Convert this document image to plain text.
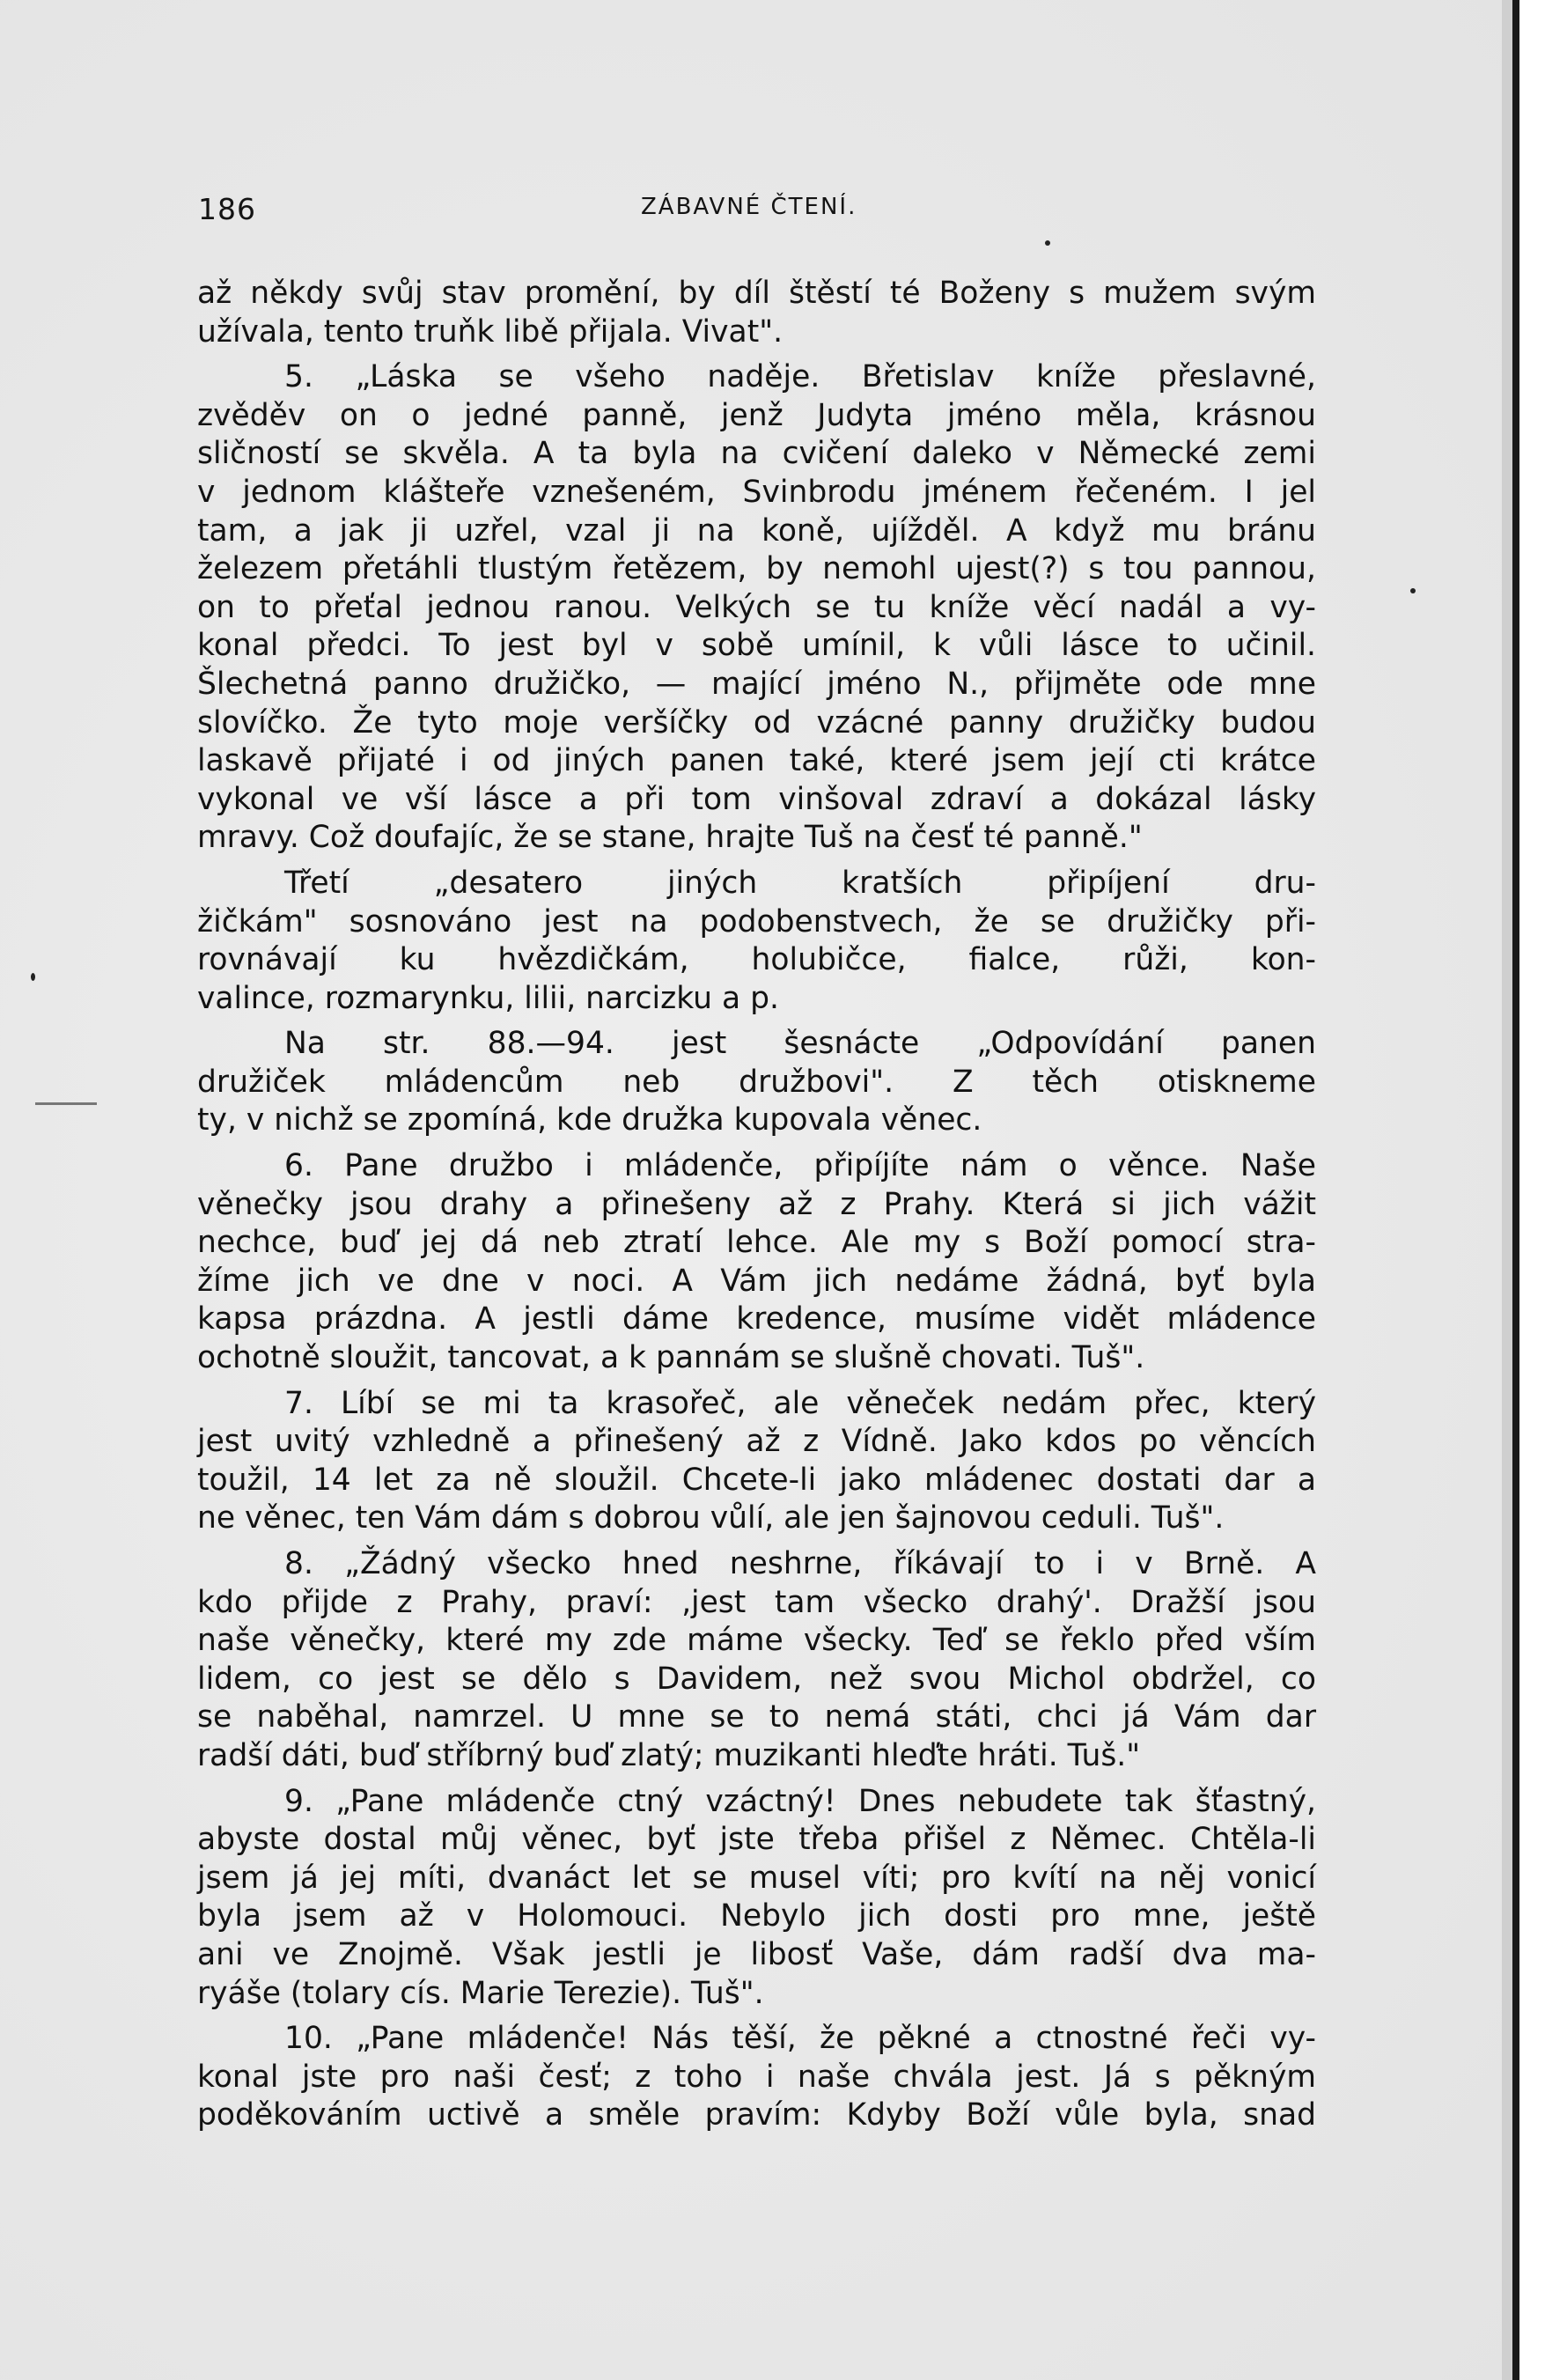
186	ZÁBAVNÉ ČTENÍ.

až někdy svůj stav promění, by díl štěstí té Boženy s mužem svým

užívala, tento truňk libě přijala. Vivat".

5. „Láska se všeho naděje. Břetislav kníže přeslavné,

zvěděv on o jedné panně, jenž Judyta jméno měla, krásnou

sličností se skvěla. A ta byla na cvičení daleko v Německé zemi

v jednom klášteře vznešeném, Svinbrodu jménem řečeném. I jel

tam, a jak ji uzřel, vzal ji na koně, ujížděl. A když mu bránu

železem přetáhli tlustým řetězem, by nemohl ujest(?) s tou pannou,

on to přeťal jednou ranou. Velkých se tu kníže věcí nadál a vy-

konal předci. To jest byl v sobě umínil, k vůli lásce to učinil.

Šlechetná panno družičko, — mající jméno N., přijměte ode mne

slovíčko. Že tyto moje veršíčky od vzácné panny družičky budou

laskavě přijaté i od jiných panen také, které jsem její cti krátce

vykonal ve vší lásce a při tom vinšoval zdraví a dokázal lásky

mravy. Což doufajíc, že se stane, hrajte Tuš na česť té panně."

Třetí „desatero jiných kratších připíjení dru-

žičkám" sosnováno jest na podobenstvech, že se družičky při-

rovnávají ku hvězdičkám, holubičce, fialce, růži, kon-

valince, rozmarynku, lilii, narcizku a p.

Na str. 88.—94. jest šesnácte „Odpovídání panen

družiček mládencům neb družbovi". Z těch otiskneme

ty, v nichž se zpomíná, kde družka kupovala věnec.

6. Pane družbo i mládenče, připíjíte nám o věnce. Naše

věnečky jsou drahy a přinešeny až z Prahy. Která si jich vážit

nechce, buď jej dá neb ztratí lehce. Ale my s Boží pomocí stra-

žíme jich ve dne v noci. A Vám jich nedáme žádná, byť byla

kapsa prázdna. A jestli dáme kredence, musíme vidět mládence

ochotně sloužit, tancovat, a k pannám se slušně chovati. Tuš".

7. Líbí se mi ta krasořeč, ale věneček nedám přec, který

jest uvitý vzhledně a přinešený až z Vídně. Jako kdos po věncích

toužil, 14 let za ně sloužil. Chcete-li jako mládenec dostati dar a

ne věnec, ten Vám dám s dobrou vůlí, ale jen šajnovou ceduli. Tuš".

8. „Žádný všecko hned neshrne, říkávají to i v Brně. A

kdo přijde z Prahy, praví: ‚jest tam všecko drahý'. Dražší jsou

naše věnečky, které my zde máme všecky. Teď se řeklo před vším

lidem, co jest se dělo s Davidem, než svou Michol obdržel, co

se naběhal, namrzel. U mne se to nemá státi, chci já Vám dar

radší dáti, buď stříbrný buď zlatý; muzikanti hleďte hráti. Tuš."

9. „Pane mládenče ctný vzáctný! Dnes nebudete tak šťastný,

abyste dostal můj věnec, byť jste třeba přišel z Němec. Chtěla-li

jsem já jej míti, dvanáct let se musel víti; pro kvítí na něj vonicí

byla jsem až v Holomouci. Nebylo jich dosti pro mne, ještě

ani ve Znojmě. Však jestli je libosť Vaše, dám radší dva ma-

ryáše (tolary cís. Marie Terezie). Tuš".

10. „Pane mládenče! Nás těší, že pěkné a ctnostné řeči vy-

konal jste pro naši česť; z toho i naše chvála jest. Já s pěkným

poděkováním uctivě a směle pravím: Kdyby Boží vůle byla, snad
